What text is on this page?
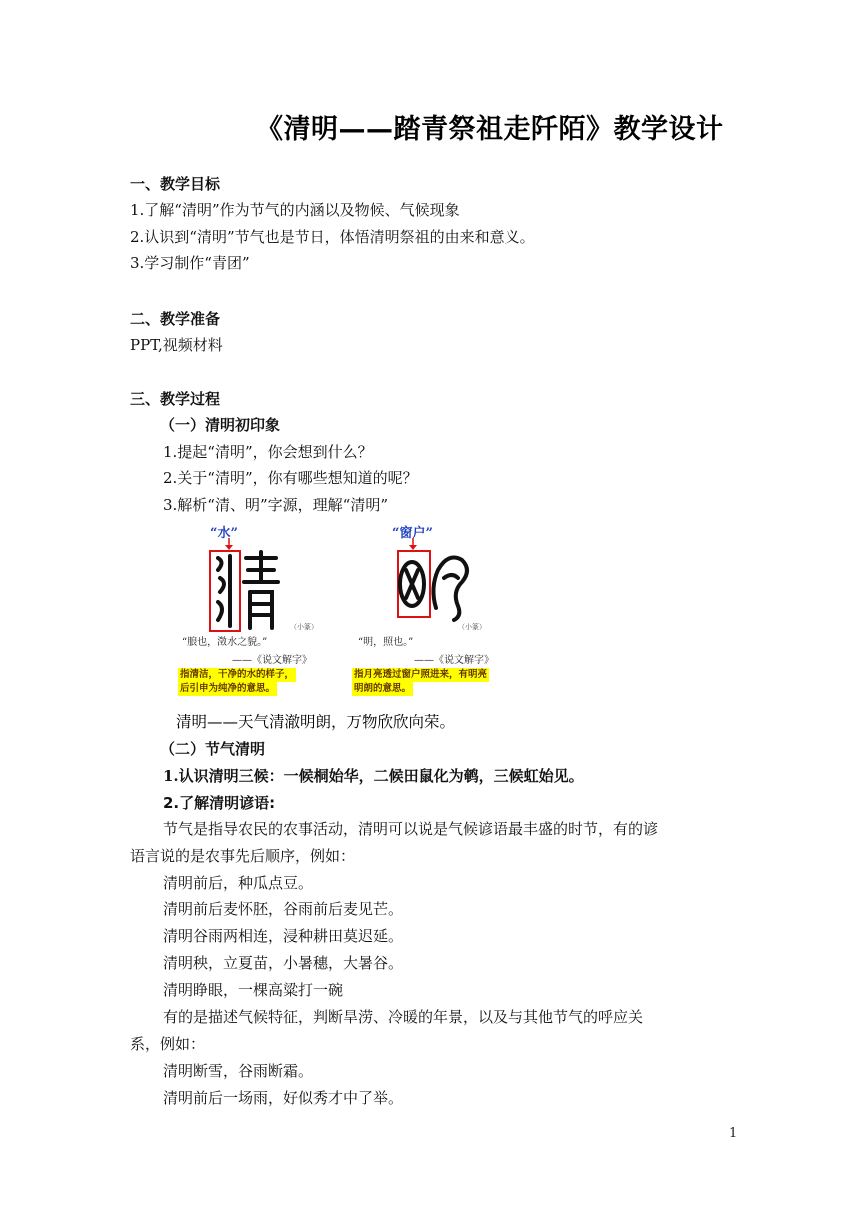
《清明——踏青祭祖走阡陌》教学设计
一、教学目标
1.了解“清明”作为节气的内涵以及物候、气候现象
2.认识到“清明”节气也是节日，体悟清明祭祖的由来和意义。
3.学习制作“青团”
二、教学准备
PPT,视频材料
三、教学过程
（一）清明初印象
1.提起“清明”，你会想到什么？
2.关于“清明”，你有哪些想知道的呢？
3.解析“清、明”字源，理解“清明”
“水”
（小篆）
“朖也，澂水之貌。”
——《说文解字》
指清洁，干净的水的样子，
后引申为纯净的意思。
“窗户”
（小篆）
“明，照也。”
——《说文解字》
指月亮透过窗户照进来，有明亮
明朗的意思。
清明——天气清澈明朗，万物欣欣向荣。
（二）节气清明
1.认识清明三候：一候桐始华，二候田鼠化为鹌，三候虹始见。
2.了解清明谚语:
节气是指导农民的农事活动，清明可以说是气候谚语最丰盛的时节，有的谚
语言说的是农事先后顺序，例如：
清明前后，种瓜点豆。
清明前后麦怀胚，谷雨前后麦见芒。
清明谷雨两相连，浸种耕田莫迟延。
清明秧，立夏苗，小暑穗，大暑谷。
清明睁眼，一棵高粱打一碗
有的是描述气候特征，判断旱涝、冷暖的年景，以及与其他节气的呼应关
系，例如：
清明断雪，谷雨断霜。
清明前后一场雨，好似秀才中了举。
1
